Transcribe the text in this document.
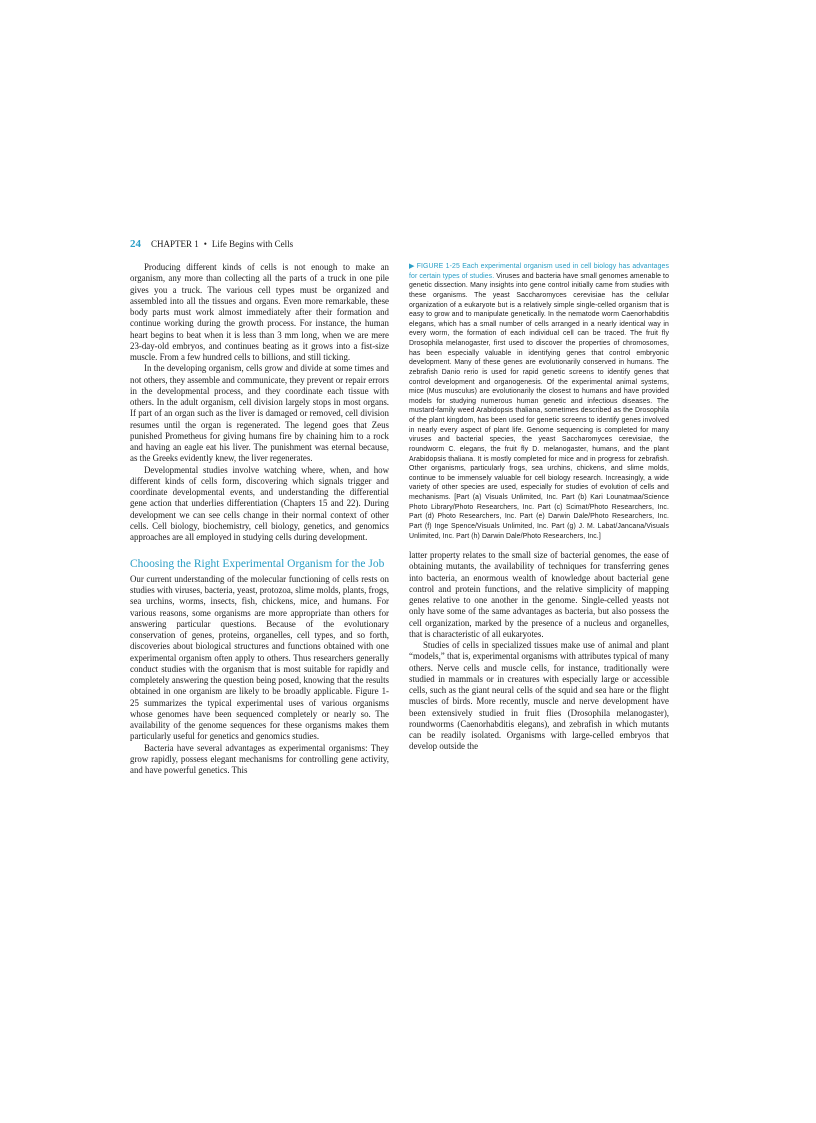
24 CHAPTER 1 • Life Begins with Cells

Producing different kinds of cells is not enough to make an organism, any more than collecting all the parts of a truck in one pile gives you a truck. The various cell types must be organized and assembled into all the tissues and organs. Even more remarkable, these body parts must work almost immediately after their formation and continue working during the growth process. For instance, the human heart begins to beat when it is less than 3 mm long, when we are mere 23-day-old embryos, and continues beating as it grows into a fist-size muscle. From a few hundred cells to billions, and still ticking.

In the developing organism, cells grow and divide at some times and not others, they assemble and communicate, they prevent or repair errors in the developmental process, and they coordinate each tissue with others. In the adult organism, cell division largely stops in most organs. If part of an organ such as the liver is damaged or removed, cell division resumes until the organ is regenerated. The legend goes that Zeus punished Prometheus for giving humans fire by chaining him to a rock and having an eagle eat his liver. The punishment was eternal because, as the Greeks evidently knew, the liver regenerates.

Developmental studies involve watching where, when, and how different kinds of cells form, discovering which signals trigger and coordinate developmental events, and understanding the differential gene action that underlies differentiation (Chapters 15 and 22). During development we can see cells change in their normal context of other cells. Cell biology, biochemistry, cell biology, genetics, and genomics approaches are all employed in studying cells during development.

Choosing the Right Experimental Organism for the Job

Our current understanding of the molecular functioning of cells rests on studies with viruses, bacteria, yeast, protozoa, slime molds, plants, frogs, sea urchins, worms, insects, fish, chickens, mice, and humans. For various reasons, some organisms are more appropriate than others for answering particular questions. Because of the evolutionary conservation of genes, proteins, organelles, cell types, and so forth, discoveries about biological structures and functions obtained with one experimental organism often apply to others. Thus researchers generally conduct studies with the organism that is most suitable for rapidly and completely answering the question being posed, knowing that the results obtained in one organism are likely to be broadly applicable. Figure 1-25 summarizes the typical experimental uses of various organisms whose genomes have been sequenced completely or nearly so. The availability of the genome sequences for these organisms makes them particularly useful for genetics and genomics studies.

Bacteria have several advantages as experimental organisms: They grow rapidly, possess elegant mechanisms for controlling gene activity, and have powerful genetics. This

▶ FIGURE 1-25 Each experimental organism used in cell biology has advantages for certain types of studies. Viruses and bacteria have small genomes amenable to genetic dissection. Many insights into gene control initially came from studies with these organisms. The yeast Saccharomyces cerevisiae has the cellular organization of a eukaryote but is a relatively simple single-celled organism that is easy to grow and to manipulate genetically. In the nematode worm Caenorhabditis elegans, which has a small number of cells arranged in a nearly identical way in every worm, the formation of each individual cell can be traced. The fruit fly Drosophila melanogaster, first used to discover the properties of chromosomes, has been especially valuable in identifying genes that control embryonic development. Many of these genes are evolutionarily conserved in humans. The zebrafish Danio rerio is used for rapid genetic screens to identify genes that control development and organogenesis. Of the experimental animal systems, mice (Mus musculus) are evolutionarily the closest to humans and have provided models for studying numerous human genetic and infectious diseases. The mustard-family weed Arabidopsis thaliana, sometimes described as the Drosophila of the plant kingdom, has been used for genetic screens to identify genes involved in nearly every aspect of plant life. Genome sequencing is completed for many viruses and bacterial species, the yeast Saccharomyces cerevisiae, the roundworm C. elegans, the fruit fly D. melanogaster, humans, and the plant Arabidopsis thaliana. It is mostly completed for mice and in progress for zebrafish. Other organisms, particularly frogs, sea urchins, chickens, and slime molds, continue to be immensely valuable for cell biology research. Increasingly, a wide variety of other species are used, especially for studies of evolution of cells and mechanisms. [Part (a) Visuals Unlimited, Inc. Part (b) Kari Lounatmaa/Science Photo Library/Photo Researchers, Inc. Part (c) Scimat/Photo Researchers, Inc. Part (d) Photo Researchers, Inc. Part (e) Darwin Dale/Photo Researchers, Inc. Part (f) Inge Spence/Visuals Unlimited, Inc. Part (g) J. M. Labat/Jancana/Visuals Unlimited, Inc. Part (h) Darwin Dale/Photo Researchers, Inc.]

latter property relates to the small size of bacterial genomes, the ease of obtaining mutants, the availability of techniques for transferring genes into bacteria, an enormous wealth of knowledge about bacterial gene control and protein functions, and the relative simplicity of mapping genes relative to one another in the genome. Single-celled yeasts not only have some of the same advantages as bacteria, but also possess the cell organization, marked by the presence of a nucleus and organelles, that is characteristic of all eukaryotes.

Studies of cells in specialized tissues make use of animal and plant “models,” that is, experimental organisms with attributes typical of many others. Nerve cells and muscle cells, for instance, traditionally were studied in mammals or in creatures with especially large or accessible cells, such as the giant neural cells of the squid and sea hare or the flight muscles of birds. More recently, muscle and nerve development have been extensively studied in fruit flies (Drosophila melanogaster), roundworms (Caenorhabditis elegans), and zebrafish in which mutants can be readily isolated. Organisms with large-celled embryos that develop outside the
